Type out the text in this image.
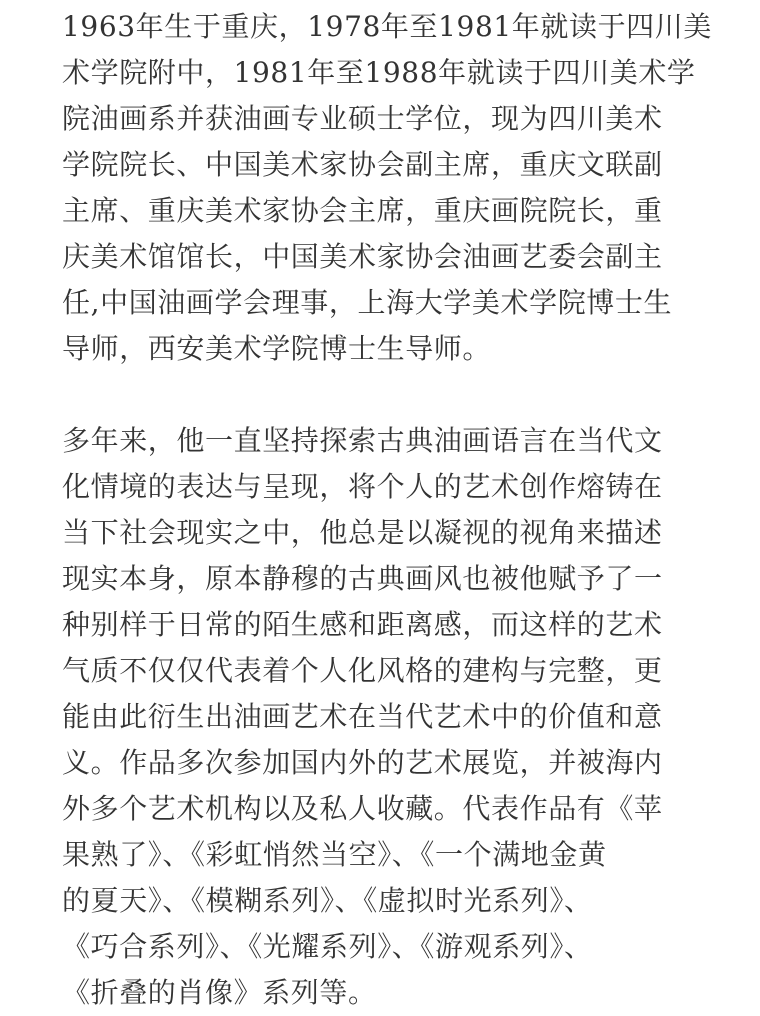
1963年生于重庆，1978年至1981年就读于四川美
术学院附中，1981年至1988年就读于四川美术学
院油画系并获油画专业硕士学位，现为四川美术
学院院长、中国美术家协会副主席，重庆文联副
主席、重庆美术家协会主席，重庆画院院长，重
庆美术馆馆长，中国美术家协会油画艺委会副主
任,中国油画学会理事，上海大学美术学院博士生
导师，西安美术学院博士生导师。
多年来，他一直坚持探索古典油画语言在当代文
化情境的表达与呈现，将个人的艺术创作熔铸在
当下社会现实之中，他总是以凝视的视角来描述
现实本身，原本静穆的古典画风也被他赋予了一
种别样于日常的陌生感和距离感，而这样的艺术
气质不仅仅代表着个人化风格的建构与完整，更
能由此衍生出油画艺术在当代艺术中的价值和意
义。作品多次参加国内外的艺术展览，并被海内
外多个艺术机构以及私人收藏。代表作品有《苹
果熟了》、《彩虹悄然当空》、《一个满地金黄
的夏天》、《模糊系列》、《虚拟时光系列》、
《巧合系列》、《光耀系列》、《游观系列》、
《折叠的肖像》系列等。
